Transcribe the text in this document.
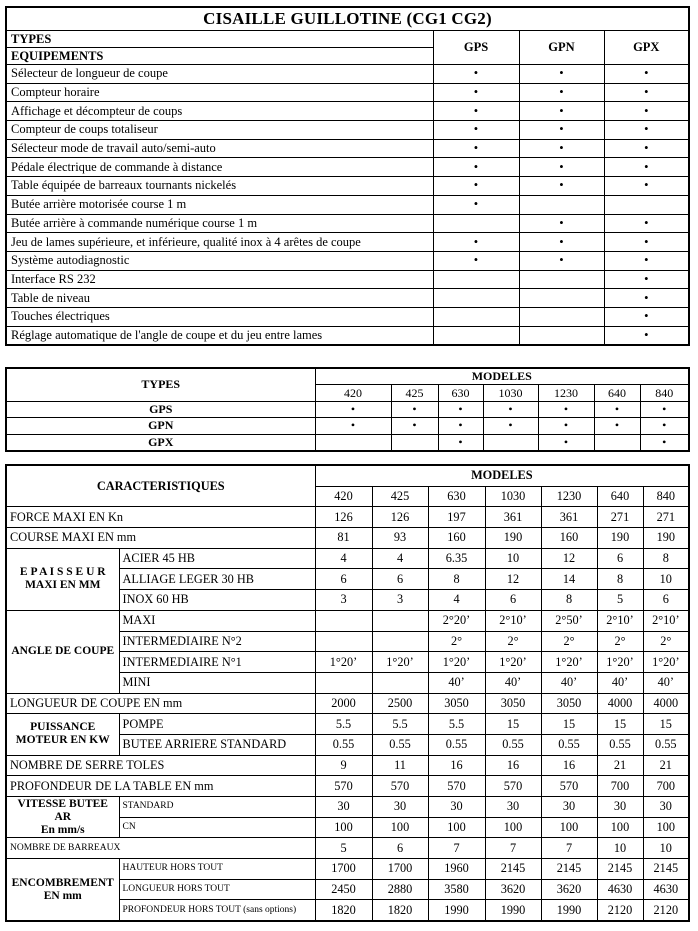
CISAILLE GUILLOTINE (CG1 CG2)			
TYPES	GPS	GPN	GPX
EQUIPEMENTS			
Sélecteur de longueur de coupe	•	•	•
Compteur horaire	•	•	•
Affichage et décompteur de coups	•	•	•
Compteur de coups totaliseur	•	•	•
Sélecteur mode de travail auto/semi-auto	•	•	•
Pédale électrique de commande à distance	•	•	•
Table équipée de barreaux tournants nickelés	•	•	•
Butée arrière motorisée course 1 m	•		
Butée arrière à commande numérique course 1 m		•	•
Jeu de lames supérieure, et inférieure, qualité inox à 4 arêtes de coupe	•	•	•
Système autodiagnostic	•	•	•
Interface RS 232			•
Table de niveau			•
Touches électriques			•
Réglage automatique de l'angle de coupe et du jeu entre lames			•
TYPES	MODELES						
	420	425	630	1030	1230	640	840
GPS	•	•	•	•	•	•	•
GPN	•	•	•	•	•	•	•
GPX			•		•		•
CARACTERISTIQUES		MODELES						
		420	425	630	1030	1230	640	840
FORCE MAXI EN Kn		126	126	197	361	361	271	271
COURSE MAXI EN mm		81	93	160	190	160	190	190

E P A I S S E U R
MAXI EN MM	ACIER 45 HB	4	4	6.35	10	12	6	8
	ALLIAGE LEGER 30 HB	6	6	8	12	14	8	10
	INOX 60 HB	3	3	4	6	8	5	6

ANGLE DE COUPE	MAXI			2°20’	2°10’	2°50’	2°10’	2°10’
	INTERMEDIAIRE N°2			2°	2°	2°	2°	2°
	INTERMEDIAIRE N°1	1°20’	1°20’	1°20’	1°20’	1°20’	1°20’	1°20’
	MINI			40’	40’	40’	40’	40’
LONGUEUR DE COUPE EN mm		2000	2500	3050	3050	3050	4000	4000

PUISSANCE
MOTEUR EN KW	POMPE	5.5	5.5	5.5	15	15	15	15
	BUTEE ARRIERE STANDARD	0.55	0.55	0.55	0.55	0.55	0.55	0.55
NOMBRE DE SERRE TOLES		9	11	16	16	16	21	21
PROFONDEUR DE LA TABLE EN mm		570	570	570	570	570	700	700

VITESSE BUTEE
AR
En mm/s	STANDARD	30	30	30	30	30	30	30
	CN	100	100	100	100	100	100	100
NOMBRE DE BARREAUX		5	6	7	7	7	10	10

ENCOMBREMENT
EN mm	HAUTEUR HORS TOUT	1700	1700	1960	2145	2145	2145	2145
	LONGUEUR HORS TOUT	2450	2880	3580	3620	3620	4630	4630
	PROFONDEUR HORS TOUT (sans options)	1820	1820	1990	1990	1990	2120	2120
